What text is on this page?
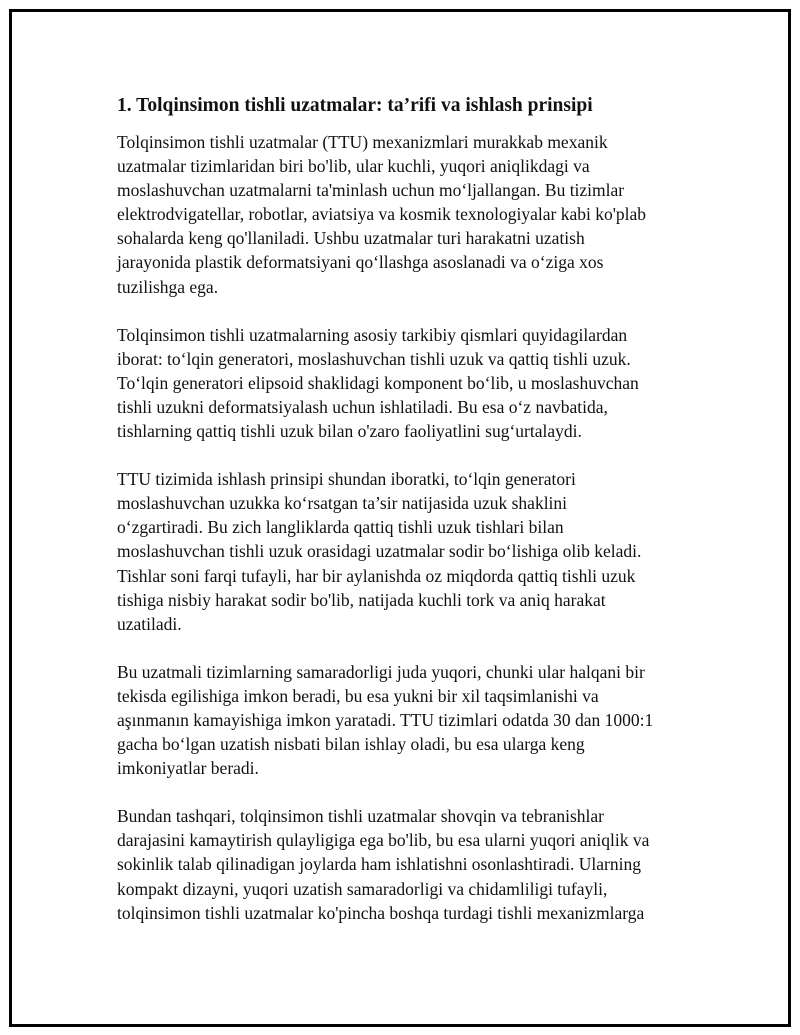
1. Tolqinsimon tishli uzatmalar: ta’rifi va ishlash prinsipi
Tolqinsimon tishli uzatmalar (TTU) mexanizmlari murakkab mexanik
uzatmalar tizimlaridan biri bo'lib, ular kuchli, yuqori aniqlikdagi va
moslashuvchan uzatmalarni ta'minlash uchun mo‘ljallangan. Bu tizimlar
elektrodvigatellar, robotlar, aviatsiya va kosmik texnologiyalar kabi ko'plab
sohalarda keng qo'llaniladi. Ushbu uzatmalar turi harakatni uzatish
jarayonida plastik deformatsiyani qo‘llashga asoslanadi va o‘ziga xos
tuzilishga ega.
Tolqinsimon tishli uzatmalarning asosiy tarkibiy qismlari quyidagilardan
iborat: to‘lqin generatori, moslashuvchan tishli uzuk va qattiq tishli uzuk.
To‘lqin generatori elipsoid shaklidagi komponent bo‘lib, u moslashuvchan
tishli uzukni deformatsiyalash uchun ishlatiladi. Bu esa o‘z navbatida,
tishlarning qattiq tishli uzuk bilan o'zaro faoliyatlini sug‘urtalaydi.
TTU tizimida ishlash prinsipi shundan iboratki, to‘lqin generatori
moslashuvchan uzukka ko‘rsatgan ta’sir natijasida uzuk shaklini
o‘zgartiradi. Bu zich langliklarda qattiq tishli uzuk tishlari bilan
moslashuvchan tishli uzuk orasidagi uzatmalar sodir bo‘lishiga olib keladi.
Tishlar soni farqi tufayli, har bir aylanishda oz miqdorda qattiq tishli uzuk
tishiga nisbiy harakat sodir bo'lib, natijada kuchli tork va aniq harakat
uzatiladi.
Bu uzatmali tizimlarning samaradorligi juda yuqori, chunki ular halqani bir
tekisda egilishiga imkon beradi, bu esa yukni bir xil taqsimlanishi va
aşınmanın kamayishiga imkon yaratadi. TTU tizimlari odatda 30 dan 1000:1
gacha bo‘lgan uzatish nisbati bilan ishlay oladi, bu esa ularga keng
imkoniyatlar beradi.
Bundan tashqari, tolqinsimon tishli uzatmalar shovqin va tebranishlar
darajasini kamaytirish qulayligiga ega bo'lib, bu esa ularni yuqori aniqlik va
sokinlik talab qilinadigan joylarda ham ishlatishni osonlashtiradi. Ularning
kompakt dizayni, yuqori uzatish samaradorligi va chidamliligi tufayli,
tolqinsimon tishli uzatmalar ko'pincha boshqa turdagi tishli mexanizmlarga
